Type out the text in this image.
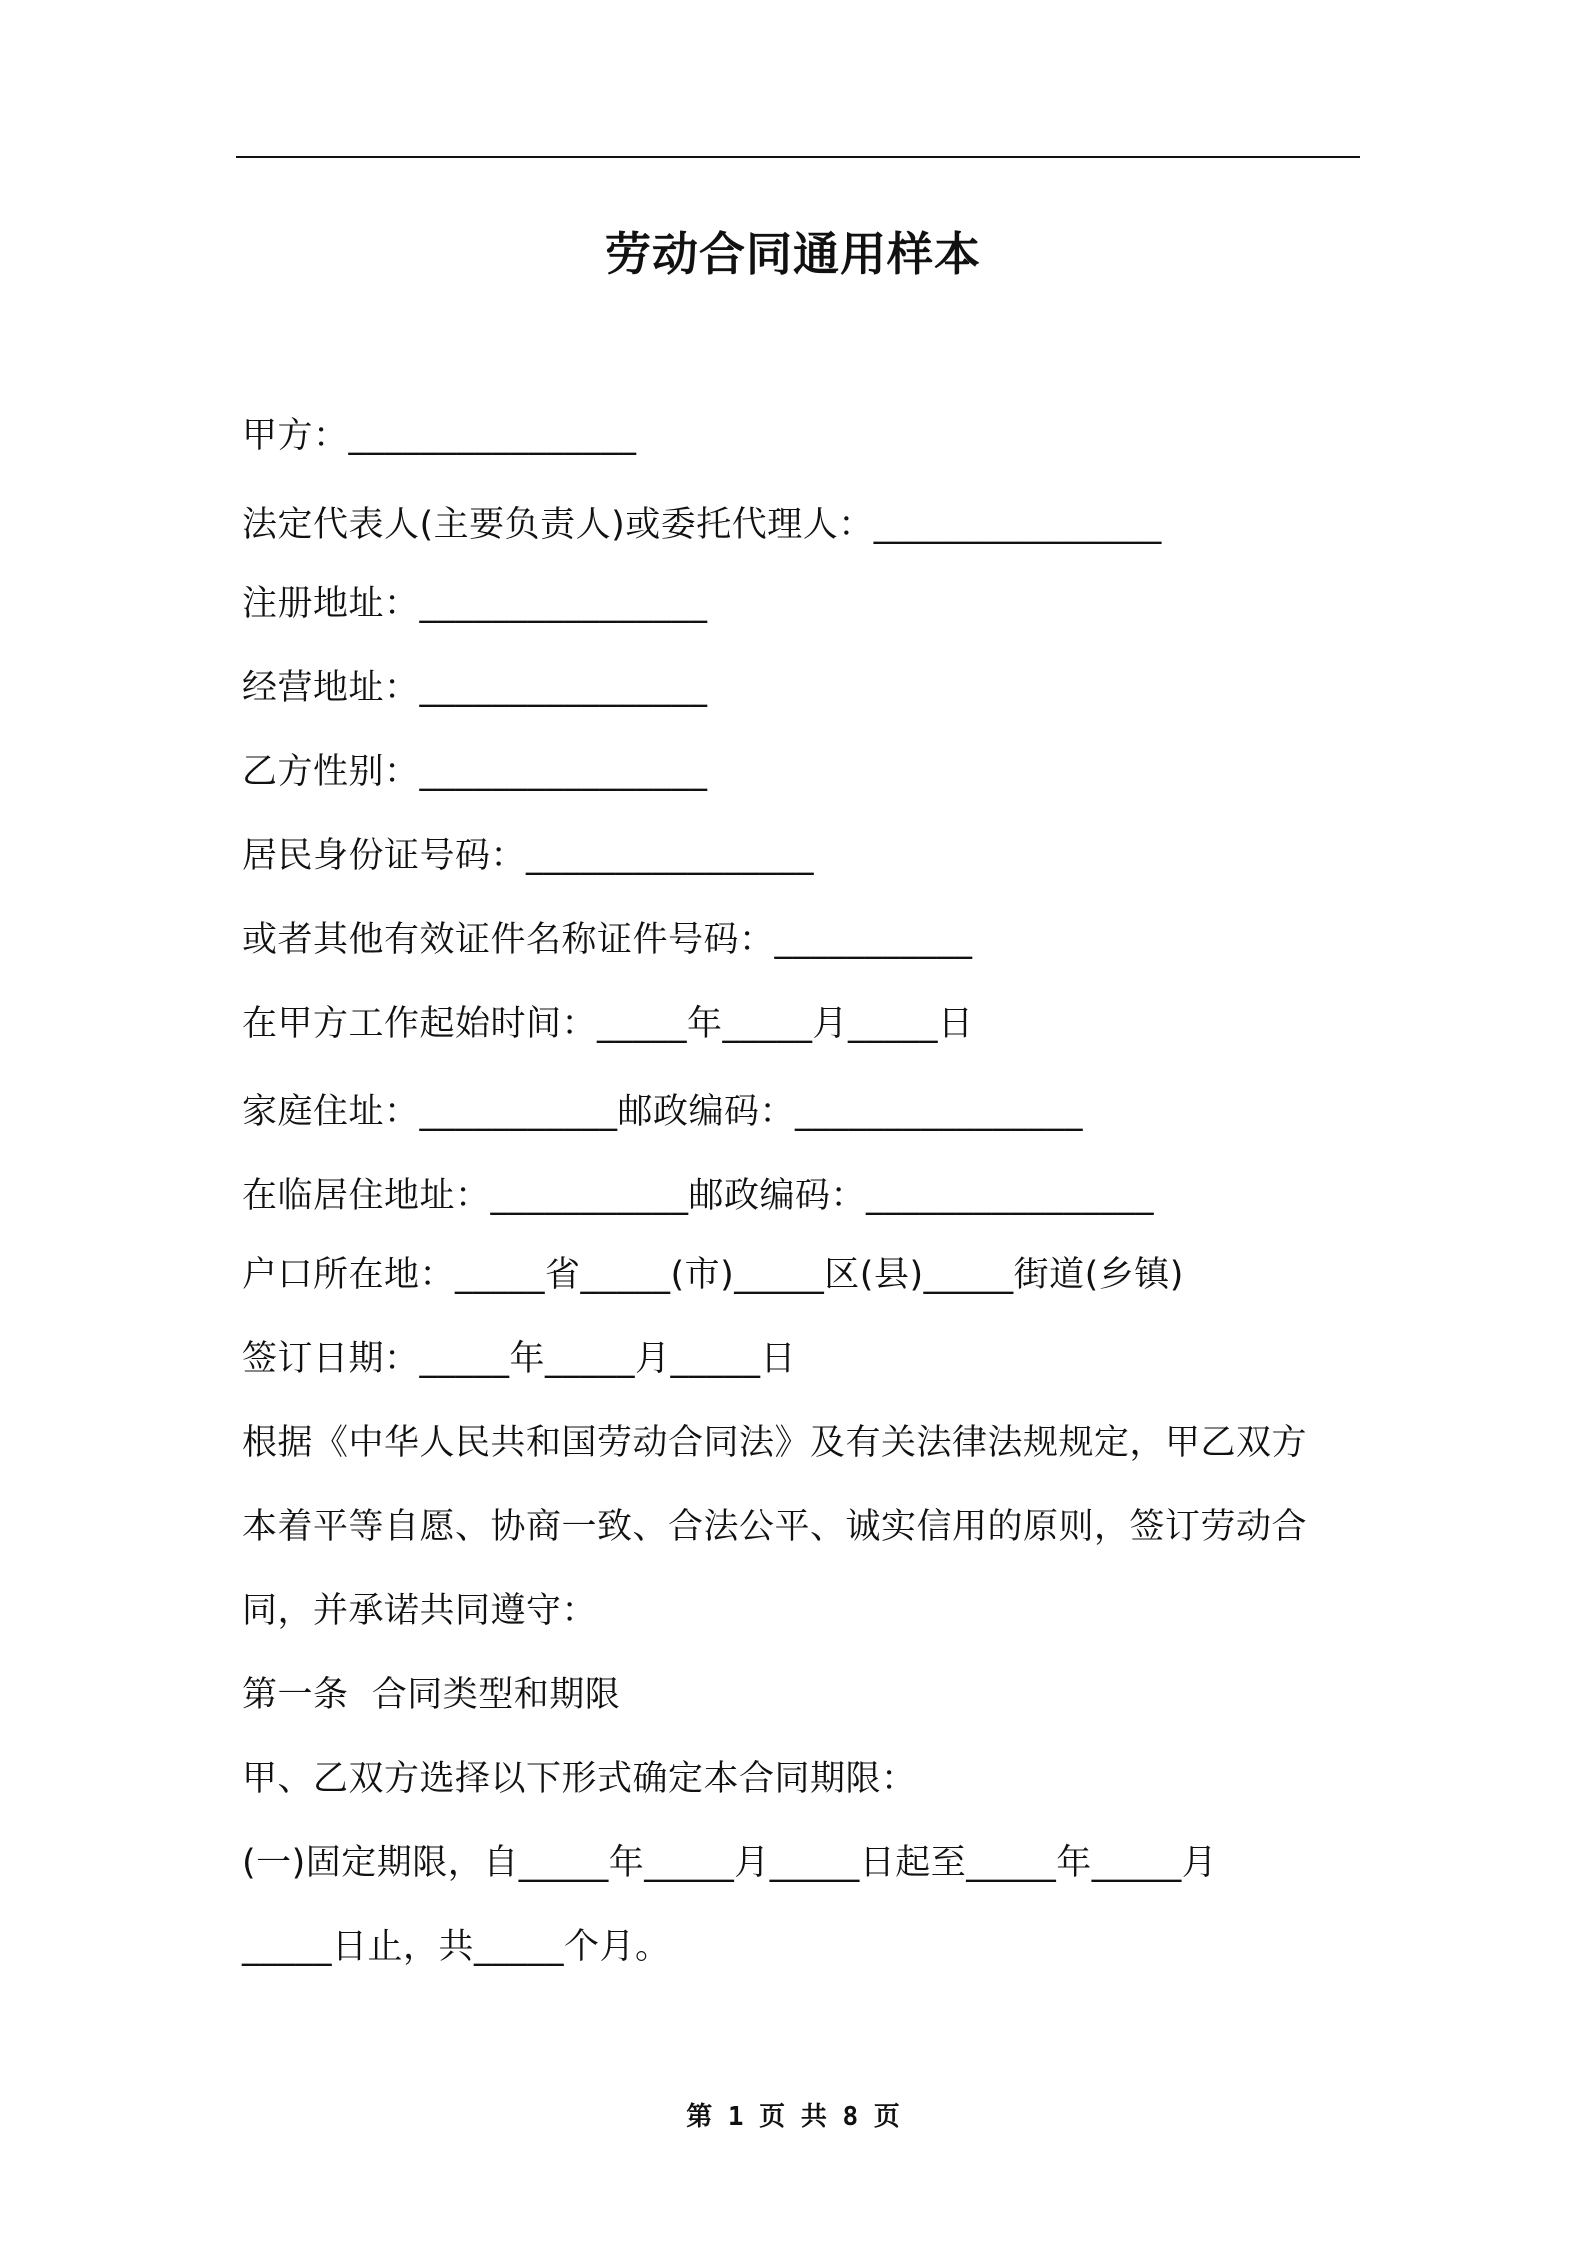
劳动合同通用样本
甲方：________________
法定代表人(主要负责人)或委托代理人：________________
注册地址：________________
经营地址：________________
乙方性别：________________
居民身份证号码：________________
或者其他有效证件名称证件号码：___________
在甲方工作起始时间：_____年_____月_____日
家庭住址：___________邮政编码：________________
在临居住地址：___________邮政编码：________________
户口所在地：_____省_____(市)_____区(县)_____街道(乡镇)
签订日期：_____年_____月_____日
根据《中华人民共和国劳动合同法》及有关法律法规规定，甲乙双方
本着平等自愿、协商一致、合法公平、诚实信用的原则，签订劳动合
同，并承诺共同遵守：
第一条  合同类型和期限
甲、乙双方选择以下形式确定本合同期限：
(一)固定期限，自_____年_____月_____日起至_____年_____月
_____日止，共_____个月。
第 1 页 共 8 页
